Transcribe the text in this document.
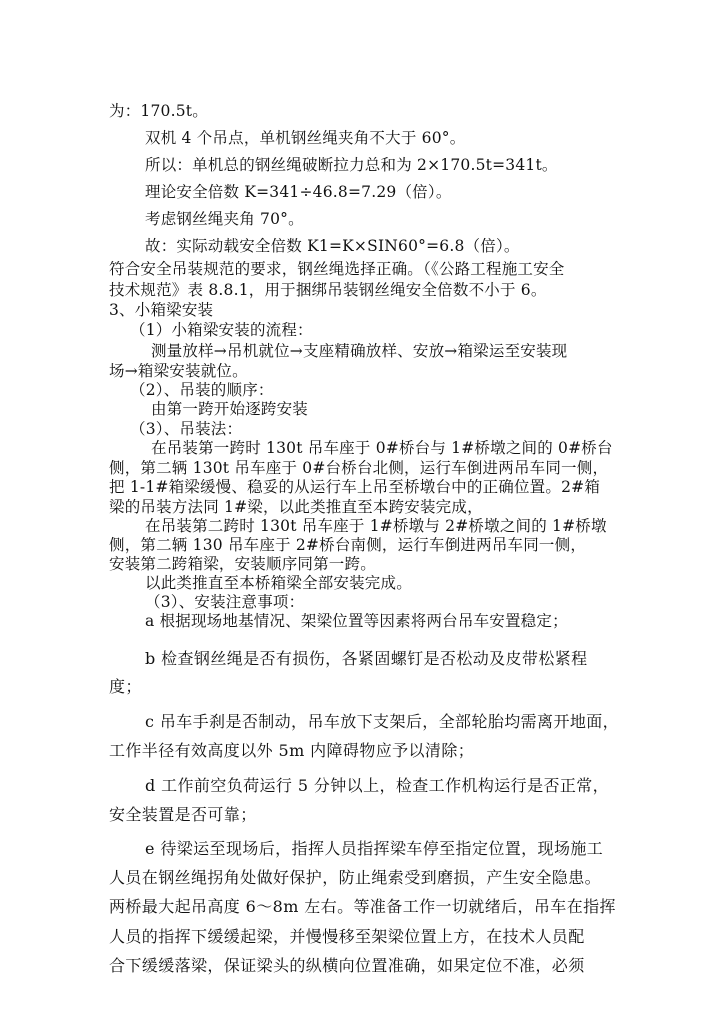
为：170.5t。

双机 4 个吊点，单机钢丝绳夹角不大于 60°。

所以：单机总的钢丝绳破断拉力总和为 2×170.5t=341t。

理论安全倍数 K=341÷46.8=7.29（倍）。

考虑钢丝绳夹角 70°。

故：实际动载安全倍数 K1=K×SIN60°=6.8（倍）。

符合安全吊装规范的要求，钢丝绳选择正确。（《公路工程施工安全

技术规范》表 8.8.1，用于捆绑吊装钢丝绳安全倍数不小于 6。

3、小箱梁安装

（1）小箱梁安装的流程：

测量放样→吊机就位→支座精确放样、安放→箱梁运至安装现

场→箱梁安装就位。

（2）、吊装的顺序：

由第一跨开始逐跨安装

（3）、吊装法：

在吊装第一跨时 130t 吊车座于 0#桥台与 1#桥墩之间的 0#桥台

侧，第二辆 130t 吊车座于 0#台桥台北侧，运行车倒进两吊车同一侧，

把 1-1#箱梁缓慢、稳妥的从运行车上吊至桥墩台中的正确位置。2#箱

梁的吊装方法同 1#梁，以此类推直至本跨安装完成，

在吊装第二跨时 130t 吊车座于 1#桥墩与 2#桥墩之间的 1#桥墩

侧，第二辆 130 吊车座于 2#桥台南侧，运行车倒进两吊车同一侧，

安装第二跨箱梁，安装顺序同第一跨。

以此类推直至本桥箱梁全部安装完成。

（3）、安装注意事项：

a 根据现场地基情况、架梁位置等因素将两台吊车安置稳定；

b 检查钢丝绳是否有损伤，各紧固螺钉是否松动及皮带松紧程

度；

c 吊车手刹是否制动，吊车放下支架后，全部轮胎均需离开地面，

工作半径有效高度以外 5m 内障碍物应予以清除；

d 工作前空负荷运行 5 分钟以上，检查工作机构运行是否正常，

安全装置是否可靠；

e 待梁运至现场后，指挥人员指挥梁车停至指定位置，现场施工

人员在钢丝绳拐角处做好保护，防止绳索受到磨损，产生安全隐患。

两桥最大起吊高度 6～8m 左右。等准备工作一切就绪后，吊车在指挥

人员的指挥下缓缓起梁，并慢慢移至架梁位置上方，在技术人员配

合下缓缓落梁，保证梁头的纵横向位置准确，如果定位不准，必须
